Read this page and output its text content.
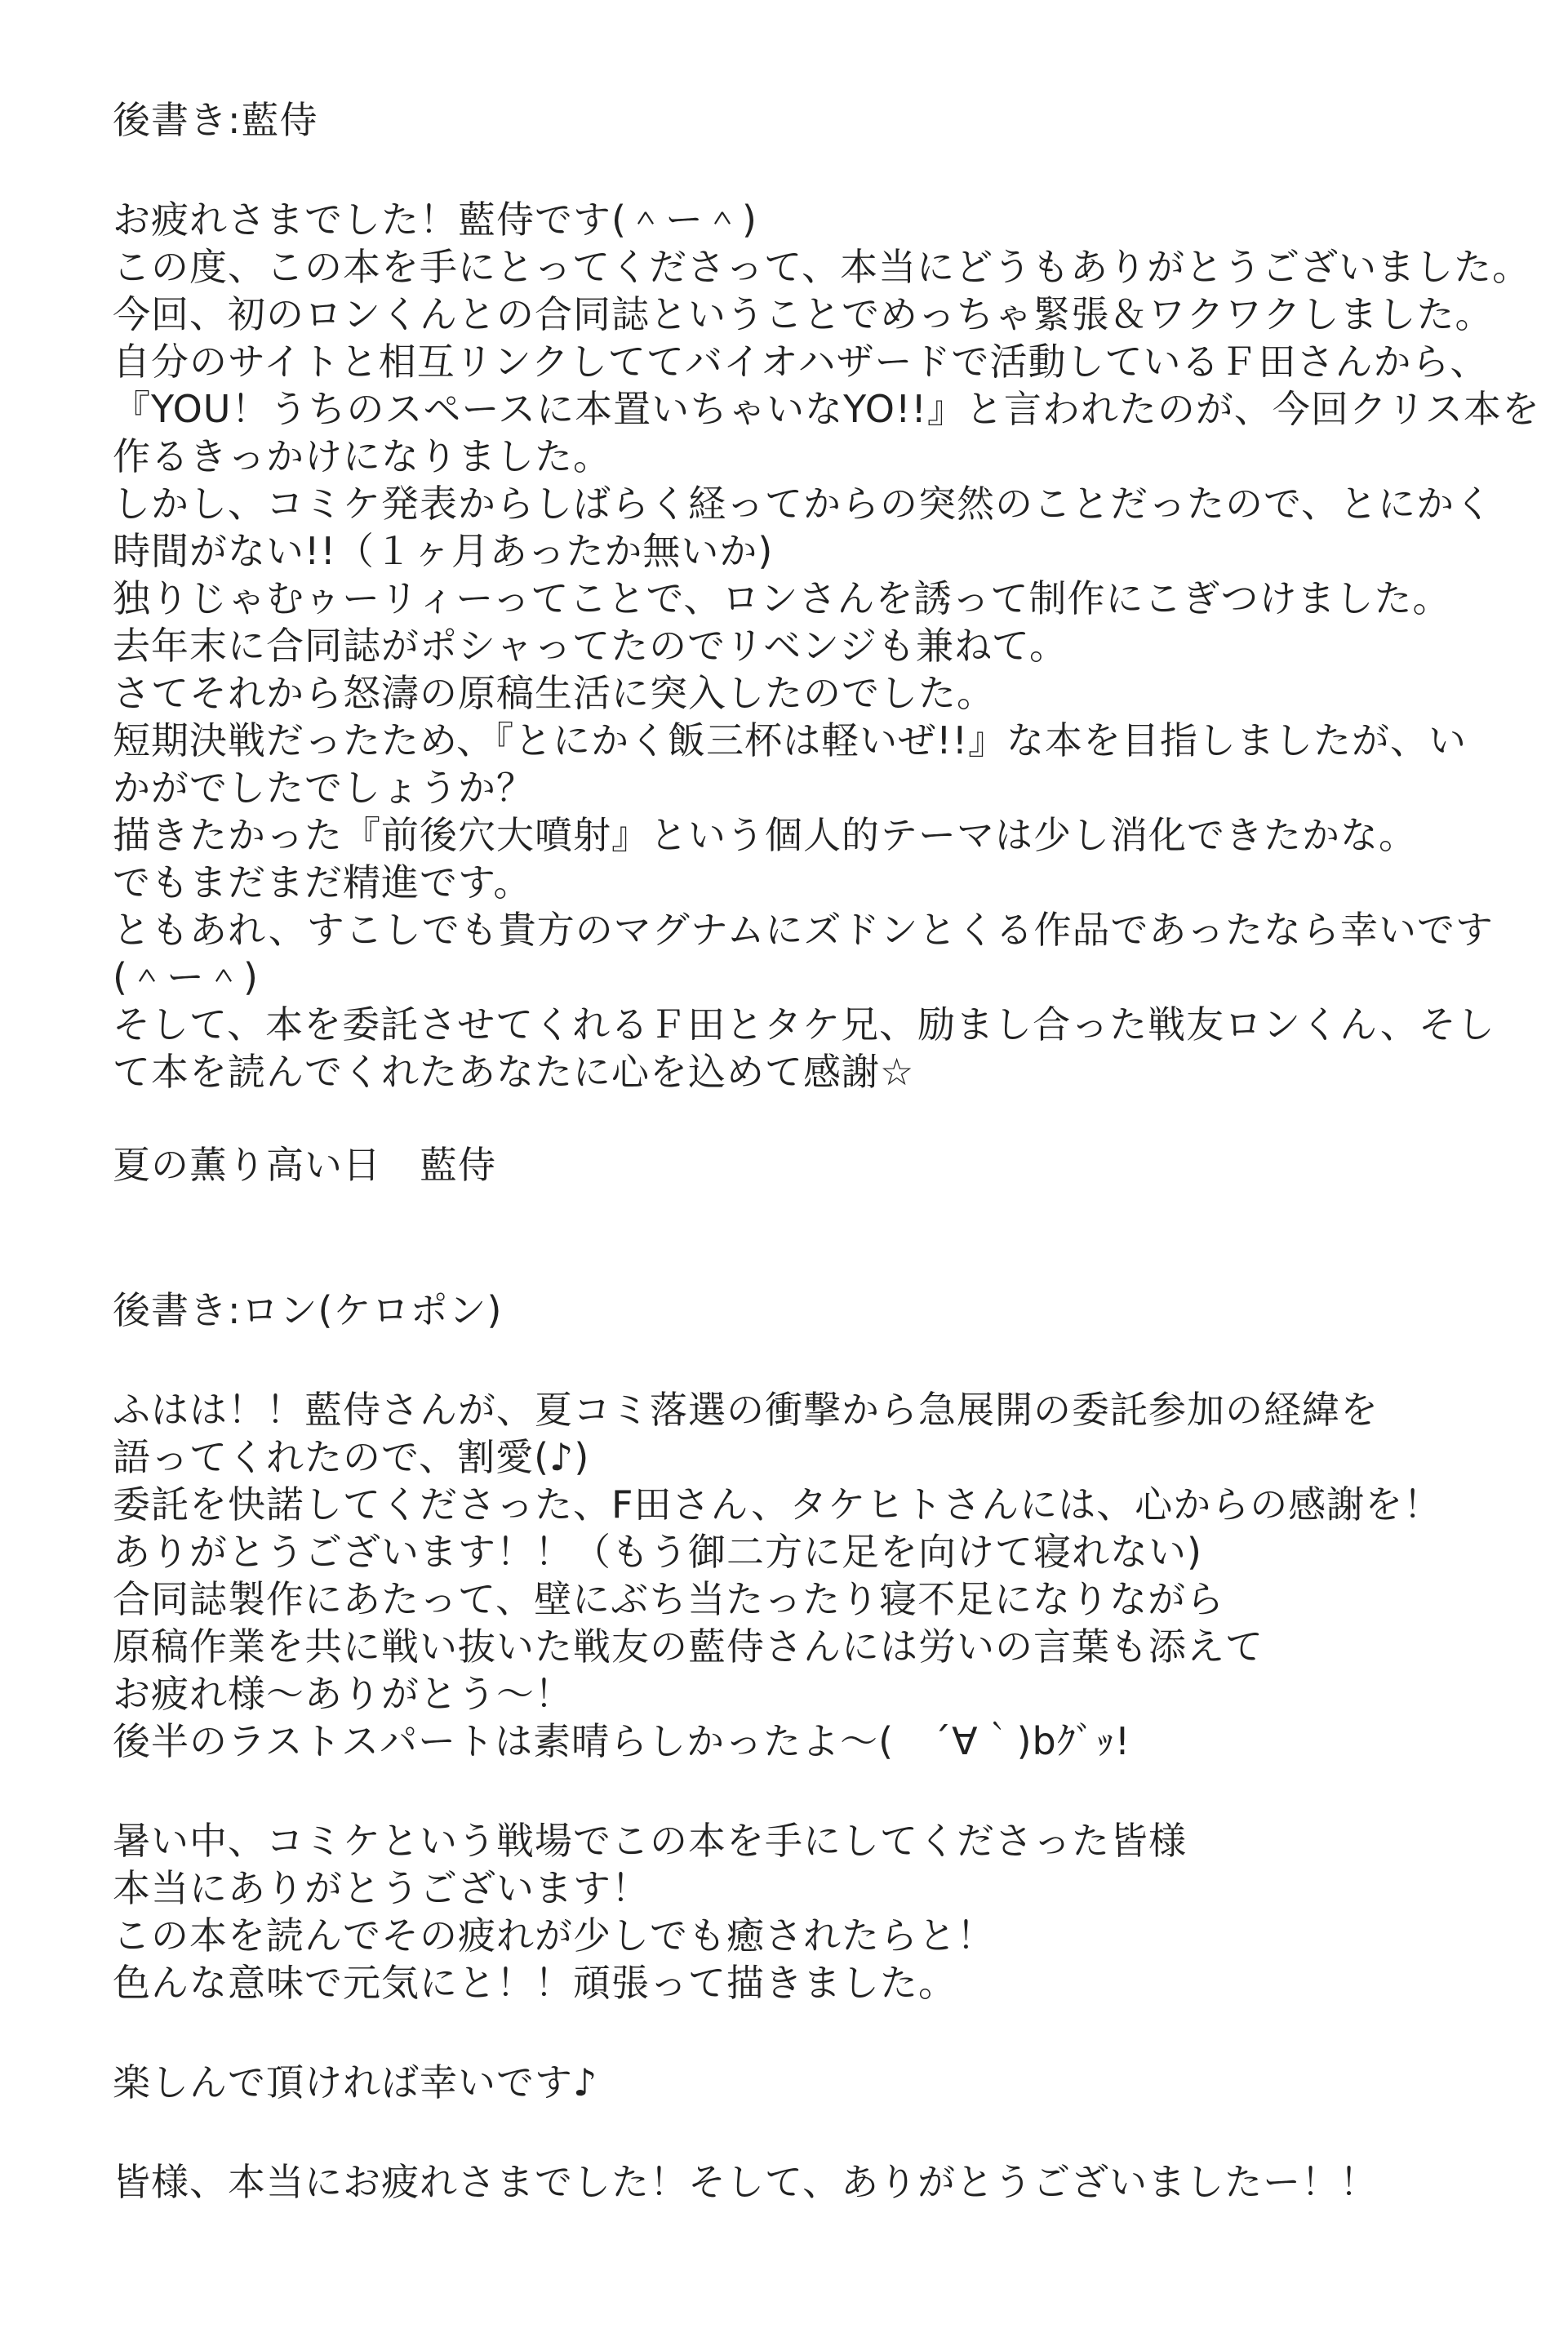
後書き:藍侍
お疲れさまでした！藍侍です(＾ー＾)
この度、この本を手にとってくださって、本当にどうもありがとうございました。
今回、初のロンくんとの合同誌ということでめっちゃ緊張＆ワクワクしました。
自分のサイトと相互リンクしててバイオハザードで活動しているＦ田さんから、
『YOU！うちのスペースに本置いちゃいなYO!!』と言われたのが、今回クリス本を
作るきっかけになりました。
しかし、コミケ発表からしばらく経ってからの突然のことだったので、とにかく
時間がない!!（１ヶ月あったか無いか)
独りじゃむゥーリィーってことで、ロンさんを誘って制作にこぎつけました。
去年末に合同誌がポシャってたのでリベンジも兼ねて。
さてそれから怒濤の原稿生活に突入したのでした。
短期決戦だったため、『とにかく飯三杯は軽いぜ!!』な本を目指しましたが、い
かがでしたでしょうか？
描きたかった『前後穴大噴射』という個人的テーマは少し消化できたかな。
でもまだまだ精進です。
ともあれ、すこしでも貴方のマグナムにズドンとくる作品であったなら幸いです
(＾ー＾)
そして、本を委託させてくれるＦ田とタケ兄、励まし合った戦友ロンくん、そし
て本を読んでくれたあなたに心を込めて感謝☆
夏の薫り高い日　藍侍
後書き:ロン(ケロポン)
ふはは！！藍侍さんが、夏コミ落選の衝撃から急展開の委託参加の経緯を
語ってくれたので、割愛(♪)
委託を快諾してくださった、F田さん、タケヒトさんには、心からの感謝を！
ありがとうございます！！（もう御二方に足を向けて寝れない)
合同誌製作にあたって、壁にぶち当たったり寝不足になりながら
原稿作業を共に戦い抜いた戦友の藍侍さんには労いの言葉も添えて
お疲れ様〜ありがとう〜！
後半のラストスパートは素晴らしかったよ〜(　´∀｀)bｸﾞｯ!
暑い中、コミケという戦場でこの本を手にしてくださった皆様
本当にありがとうございます！
この本を読んでその疲れが少しでも癒されたらと！
色んな意味で元気にと！！頑張って描きました。
楽しんで頂ければ幸いです♪
皆様、本当にお疲れさまでした！そして、ありがとうございましたー！！
